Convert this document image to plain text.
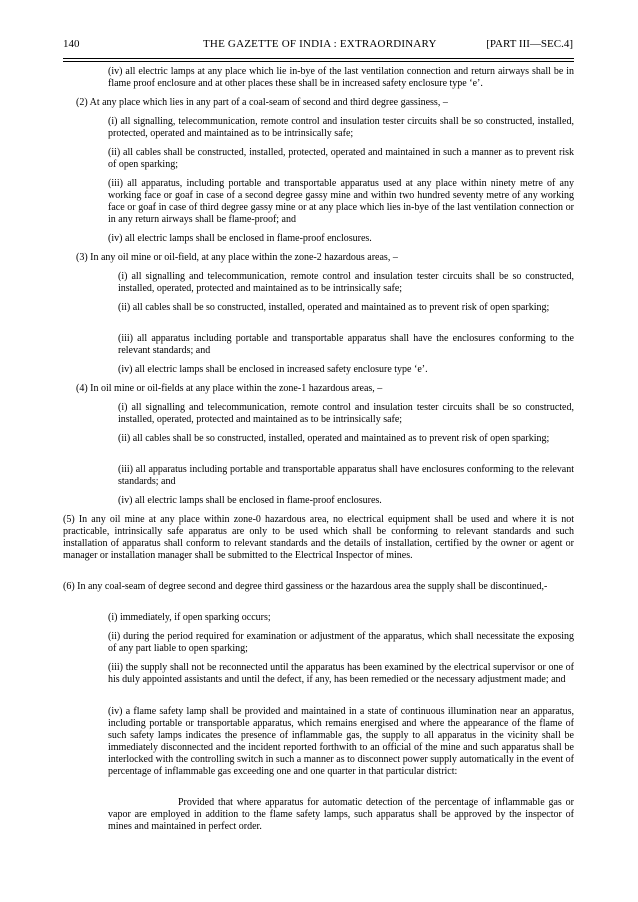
140	THE GAZETTE OF INDIA : EXTRAORDINARY	[PART III—SEC.4]

(iv) all electric lamps at any place which lie in-bye of the last ventilation connection and return airways shall be in flame proof enclosure and at other places these shall be in increased safety enclosure type ‘e’.

(2) At any place which lies in any part of a coal-seam of second and third degree gassiness, –

(i) all signalling, telecommunication, remote control and insulation tester circuits shall be so constructed, installed, protected, operated and maintained as to be intrinsically safe;

(ii) all cables shall be constructed, installed, protected, operated and maintained in such a manner as to prevent risk of open sparking;

(iii) all apparatus, including portable and transportable apparatus used at any place within ninety metre of any working face or goaf in case of a second degree gassy mine and within two hundred seventy metre of any working face or goaf in case of third degree gassy mine or at any place which lies in-bye of the last ventilation connection or in any return airways shall be flame-proof; and

(iv) all electric lamps shall be enclosed in flame-proof enclosures.

(3) In any oil mine or oil-field, at any place within the zone-2 hazardous areas, –

(i) all signalling and telecommunication, remote control and insulation tester circuits shall be so constructed, installed, operated, protected and maintained as to be intrinsically safe;

(ii) all cables shall be so constructed, installed, operated and maintained as to prevent risk of open sparking;

(iii) all apparatus including portable and transportable apparatus shall have the enclosures conforming to the relevant standards; and

(iv) all electric lamps shall be enclosed in increased safety enclosure type ‘e’.

(4) In oil mine or oil-fields at any place within the zone-1 hazardous areas, –

(i) all signalling and telecommunication, remote control and insulation tester circuits shall be so constructed, installed, operated, protected and maintained as to be intrinsically safe;

(ii) all cables shall be so constructed, installed, operated and maintained as to prevent risk of open sparking;

(iii) all apparatus including portable and transportable apparatus shall have enclosures conforming to the relevant standards; and

(iv) all electric lamps shall be enclosed in flame-proof enclosures.

(5) In any oil mine at any place within zone-0 hazardous area, no electrical equipment shall be used and where it is not practicable, intrinsically safe apparatus are only to be used which shall be conforming to relevant standards and such installation of apparatus shall conform to relevant standards and the details of installation, certified by the owner or agent or manager or installation manager shall be submitted to the Electrical Inspector of mines.

(6) In any coal-seam of degree second and degree third gassiness or the hazardous area the supply shall be discontinued,-

(i) immediately, if open sparking occurs;

(ii) during the period required for examination or adjustment of the apparatus, which shall necessitate the exposing of any part liable to open sparking;

(iii) the supply shall not be reconnected until the apparatus has been examined by the electrical supervisor or one of his duly appointed assistants and until the defect, if any, has been remedied or the necessary adjustment made; and

(iv) a flame safety lamp shall be provided and maintained in a state of continuous illumination near an apparatus, including portable or transportable apparatus, which remains energised and where the appearance of the flame of such safety lamps indicates the presence of inflammable gas, the supply to all apparatus in the vicinity shall be immediately disconnected and the incident reported forthwith to an official of the mine and such apparatus shall be interlocked with the controlling switch in such a manner as to disconnect power supply automatically in the event of percentage of inflammable gas exceeding one and one quarter in that particular district:

Provided that where apparatus for automatic detection of the percentage of inflammable gas or vapor are employed in addition to the flame safety lamps, such apparatus shall be approved by the inspector of mines and maintained in perfect order.
